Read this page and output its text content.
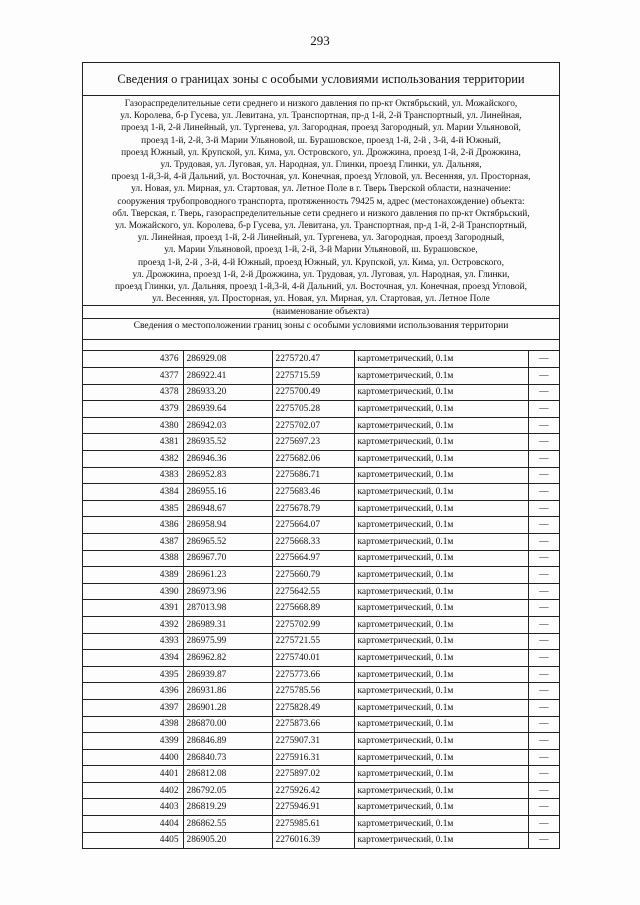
293
Сведения о границах зоны с особыми условиями использования территории
Газораспределительные сети среднего и низкого давления по пр-кт Октябрьский, ул. Можайского,
ул. Королева, б-р Гусева, ул. Левитана, ул. Транспортная, пр-д 1-й, 2-й Транспортный, ул. Линейная,
проезд 1-й, 2-й Линейный, ул. Тургенева, ул. Загородная, проезд Загородный, ул. Марии Ульяновой,
проезд 1-й, 2-й, 3-й Марии Ульяновой, ш. Бурашовское, проезд 1-й, 2-й , 3-й, 4-й Южный,
проезд Южный, ул. Крупской, ул. Кима, ул. Островского, ул. Дрожжина, проезд 1-й, 2-й Дрожжина,
ул. Трудовая, ул. Луговая, ул. Народная, ул. Глинки, проезд Глинки, ул. Дальняя,
проезд 1-й,3-й, 4-й Дальний, ул. Восточная, ул. Конечная, проезд Угловой, ул. Весенняя, ул. Просторная,
ул. Новая, ул. Мирная, ул. Стартовая, ул. Летное Поле в г. Тверь Тверской области, назначение:
сооружения трубопроводного транспорта, протяженность 79425 м, адрес (местонахождение) объекта:
обл. Тверская, г. Тверь, газораспределительные сети среднего и низкого давления по пр-кт Октябрьский,
ул. Можайского, ул. Королева, б-р Гусева, ул. Левитана, ул. Транспортная, пр-д 1-й, 2-й Транспортный,
ул. Линейная, проезд 1-й, 2-й Линейный, ул. Тургенева, ул. Загородная, проезд Загородный,
ул. Марии Ульяновой, проезд 1-й, 2-й, 3-й Марии Ульяновой, ш. Бурашовское,
проезд 1-й, 2-й , 3-й, 4-й Южный, проезд Южный, ул. Крупской, ул. Кима, ул. Островского,
ул. Дрожжина, проезд 1-й, 2-й Дрожжина, ул. Трудовая, ул. Луговая, ул. Народная, ул. Глинки,
проезд Глинки, ул. Дальняя, проезд 1-й,3-й, 4-й Дальний, ул. Восточная, ул. Конечная, проезд Угловой,
ул. Весенняя, ул. Просторная, ул. Новая, ул. Мирная, ул. Стартовая, ул. Летное Поле
(наименование объекта)
Сведения о местоположении границ зоны с особыми условиями использования территории
4376	286929.08	2275720.47	картометрический, 0.1м	—
4377	286922.41	2275715.59	картометрический, 0.1м	—
4378	286933.20	2275700.49	картометрический, 0.1м	—
4379	286939.64	2275705.28	картометрический, 0.1м	—
4380	286942.03	2275702.07	картометрический, 0.1м	—
4381	286935.52	2275697.23	картометрический, 0.1м	—
4382	286946.36	2275682.06	картометрический, 0.1м	—
4383	286952.83	2275686.71	картометрический, 0.1м	—
4384	286955.16	2275683.46	картометрический, 0.1м	—
4385	286948.67	2275678.79	картометрический, 0.1м	—
4386	286958.94	2275664.07	картометрический, 0.1м	—
4387	286965.52	2275668.33	картометрический, 0.1м	—
4388	286967.70	2275664.97	картометрический, 0.1м	—
4389	286961.23	2275660.79	картометрический, 0.1м	—
4390	286973.96	2275642.55	картометрический, 0.1м	—
4391	287013.98	2275668.89	картометрический, 0.1м	—
4392	286989.31	2275702.99	картометрический, 0.1м	—
4393	286975.99	2275721.55	картометрический, 0.1м	—
4394	286962.82	2275740.01	картометрический, 0.1м	—
4395	286939.87	2275773.66	картометрический, 0.1м	—
4396	286931.86	2275785.56	картометрический, 0.1м	—
4397	286901.28	2275828.49	картометрический, 0.1м	—
4398	286870.00	2275873.66	картометрический, 0.1м	—
4399	286846.89	2275907.31	картометрический, 0.1м	—
4400	286840.73	2275916.31	картометрический, 0.1м	—
4401	286812.08	2275897.02	картометрический, 0.1м	—
4402	286792.05	2275926.42	картометрический, 0.1м	—
4403	286819.29	2275946.91	картометрический, 0.1м	—
4404	286862.55	2275985.61	картометрический, 0.1м	—
4405	286905.20	2276016.39	картометрический, 0.1м	—
